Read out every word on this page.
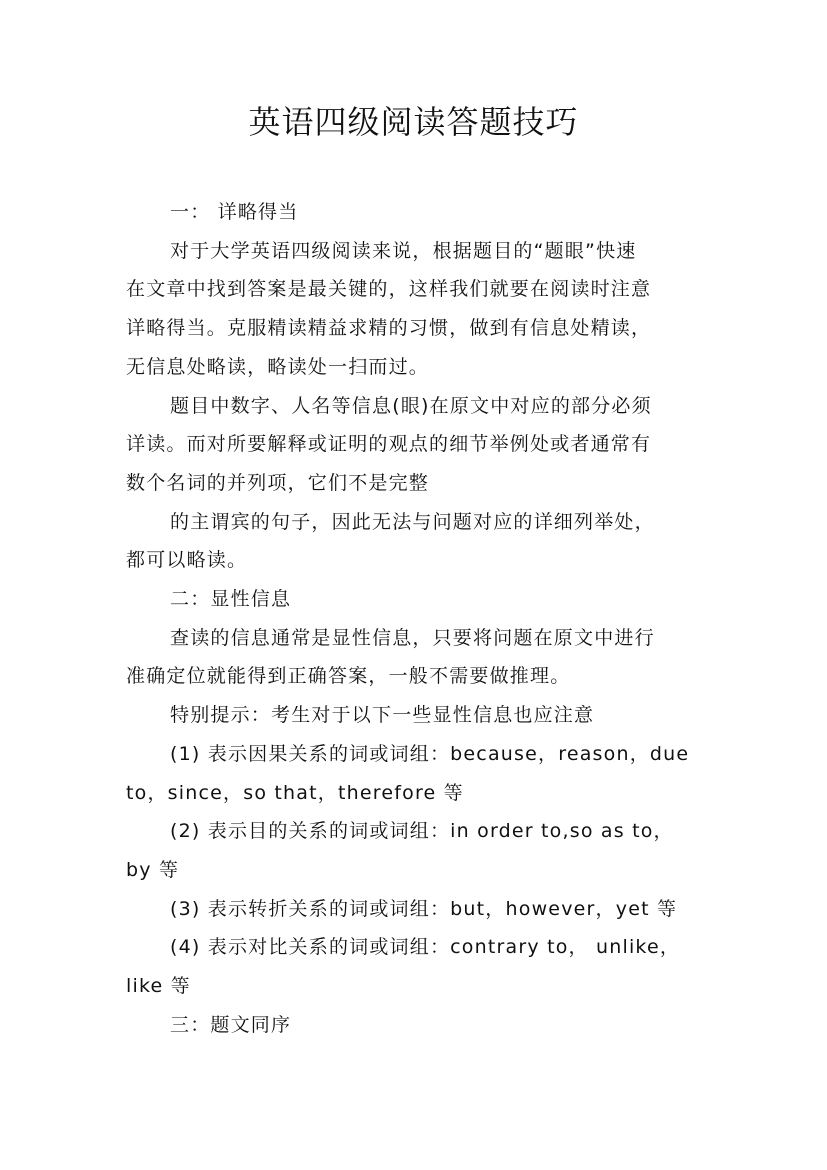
英语四级阅读答题技巧

一： 详略得当

对于大学英语四级阅读来说，根据题目的“题眼”快速

在文章中找到答案是最关键的，这样我们就要在阅读时注意

详略得当。克服精读精益求精的习惯，做到有信息处精读，

无信息处略读，略读处一扫而过。

题目中数字、人名等信息(眼)在原文中对应的部分必须

详读。而对所要解释或证明的观点的细节举例处或者通常有

数个名词的并列项，它们不是完整

的主谓宾的句子，因此无法与问题对应的详细列举处，

都可以略读。

二：显性信息

查读的信息通常是显性信息，只要将问题在原文中进行

准确定位就能得到正确答案，一般不需要做推理。

特别提示：考生对于以下一些显性信息也应注意

(1) 表示因果关系的词或词组：because，reason，due

to，since，so that，therefore 等

(2) 表示目的关系的词或词组：in order to,so as to，

by 等

(3) 表示转折关系的词或词组：but，however，yet 等

(4) 表示对比关系的词或词组：contrary to， unlike，

like 等

三：题文同序
